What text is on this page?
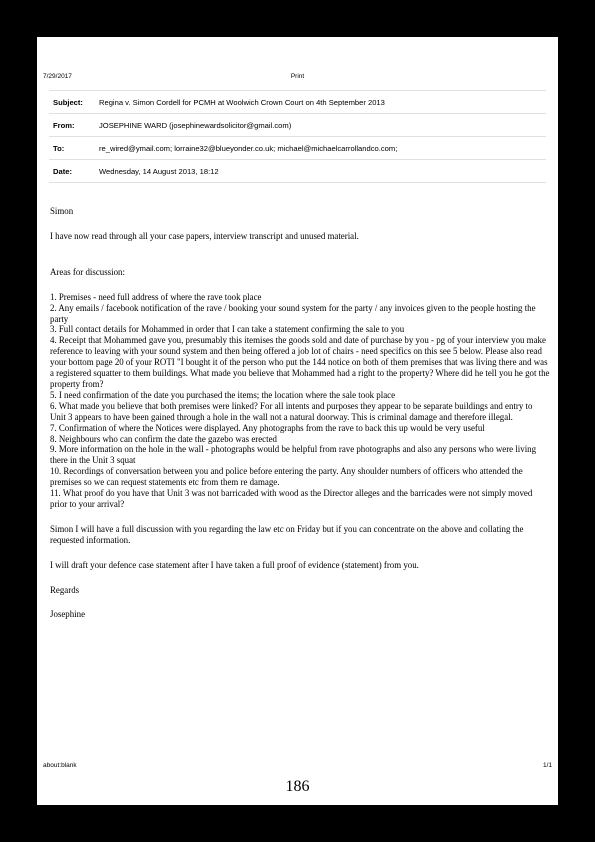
7/29/2017	Print
Subject:	Regina v. Simon Cordell for PCMH at Woolwich Crown Court on 4th September 2013
From:	JOSEPHINE WARD (josephinewardsolicitor@gmail.com)
To:	re_wired@ymail.com; lorraine32@blueyonder.co.uk; michael@michaelcarrollandco.com;
Date:	Wednesday, 14 August 2013, 18:12

Simon

I have now read through all your case papers, interview transcript and unused material.

Areas for discussion:

1. Premises - need full address of where the rave took place

2. Any emails / facebook notification of the rave / booking your sound system for the party / any invoices given to the people hosting the party

3. Full contact details for Mohammed in order that I can take a statement confirming the sale to you

4. Receipt that Mohammed gave you, presumably this itemises the goods sold and date of purchase by you - pg of your interview you make reference to leaving with your sound system and then being offered a job lot of chairs - need specifics on this see 5 below. Please also read your bottom page 20 of your ROTI "I bought it of the person who put the 144 notice on both of them premises that was living there and was a registered squatter to them buildings. What made you believe that Mohammed had a right to the property? Where did he tell you he got the property from?

5. I need confirmation of the date you purchased the items; the location where the sale took place

6. What made you believe that both premises were linked? For all intents and purposes they appear to be separate buildings and entry to Unit 3 appears to have been gained through a hole in the wall not a natural doorway. This is criminal damage and therefore illegal.

7. Confirmation of where the Notices were displayed. Any photographs from the rave to back this up would be very useful

8. Neighbours who can confirm the date the gazebo was erected

9. More information on the hole in the wall - photographs would be helpful from rave photographs and also any persons who were living there in the Unit 3 squat

10. Recordings of conversation between you and police before entering the party. Any shoulder numbers of officers who attended the premises so we can request statements etc from them re damage.

11. What proof do you have that Unit 3 was not barricaded with wood as the Director alleges and the barricades were not simply moved prior to your arrival?

Simon I will have a full discussion with you regarding the law etc on Friday but if you can concentrate on the above and collating the requested information.

I will draft your defence case statement after I have taken a full proof of evidence (statement) from you.

Regards

Josephine

about:blank	1/1
186
